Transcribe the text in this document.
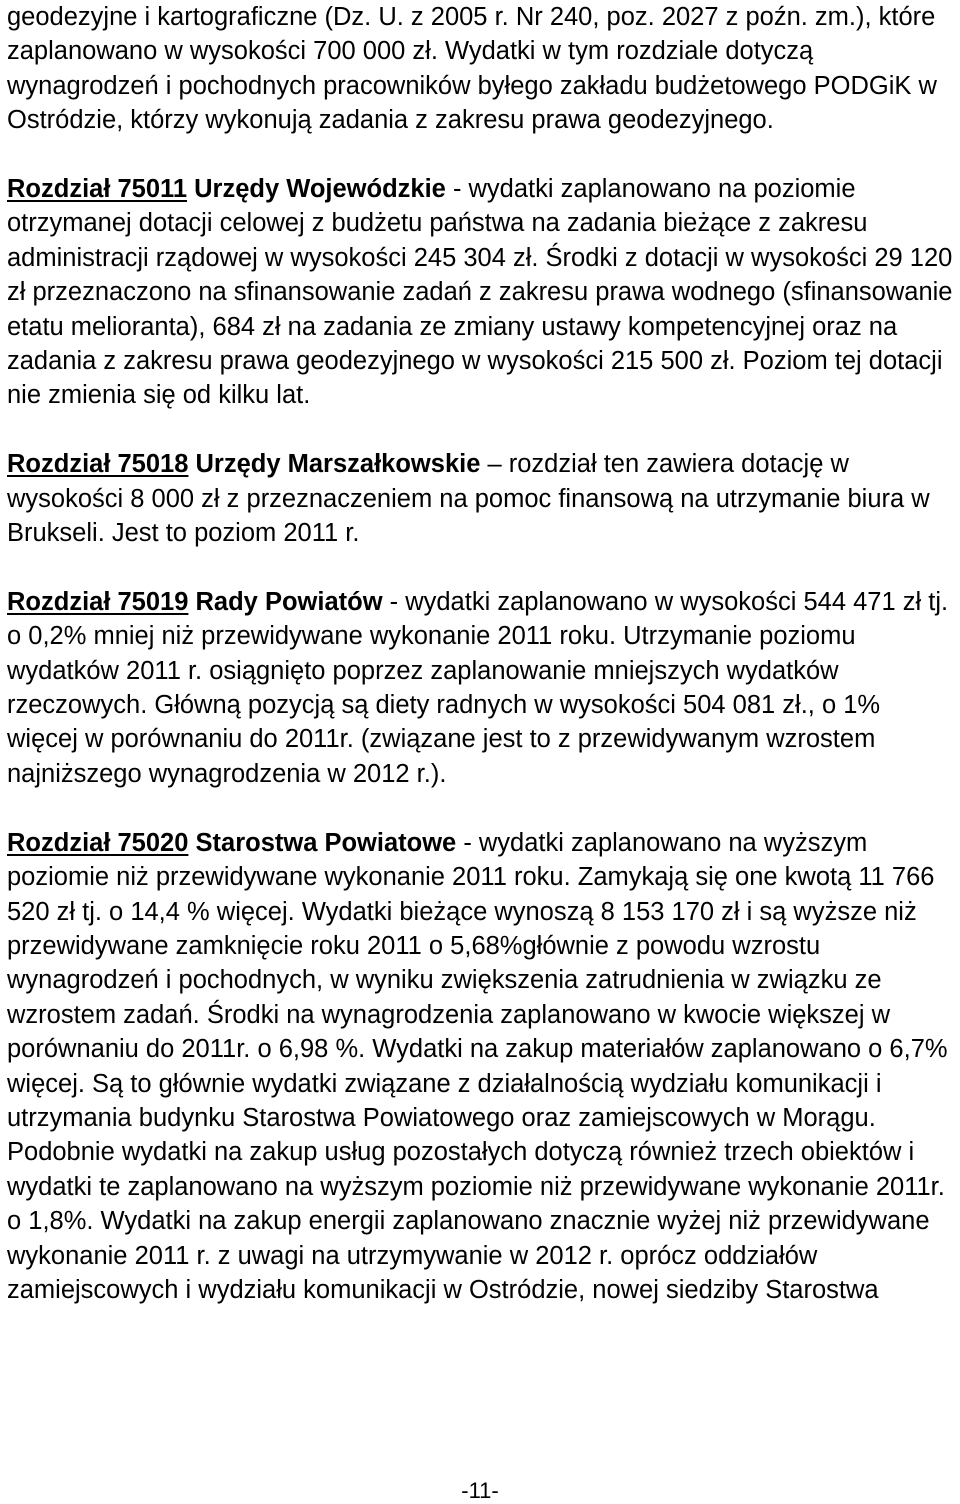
geodezyjne i kartograficzne (Dz. U. z 2005 r. Nr 240, poz. 2027 z poźn. zm.), które zaplanowano w wysokości 700 000 zł. Wydatki w tym rozdziale dotyczą wynagrodzeń i pochodnych pracowników byłego zakładu budżetowego PODGiK w Ostródzie, którzy wykonują zadania z zakresu prawa geodezyjnego.

Rozdział 75011 Urzędy Wojewódzkie - wydatki zaplanowano na poziomie otrzymanej dotacji celowej z budżetu państwa na zadania bieżące z zakresu administracji rządowej w wysokości 245 304 zł. Środki z dotacji w wysokości 29 120 zł przeznaczono na sfinansowanie zadań z zakresu prawa wodnego (sfinansowanie etatu melioranta), 684 zł na zadania ze zmiany ustawy kompetencyjnej oraz na zadania z zakresu prawa geodezyjnego w wysokości 215 500 zł. Poziom tej dotacji nie zmienia się od kilku lat.

Rozdział 75018 Urzędy Marszałkowskie – rozdział ten zawiera dotację w wysokości 8 000 zł z przeznaczeniem na pomoc finansową na utrzymanie biura w Brukseli. Jest to poziom 2011 r.

Rozdział 75019 Rady Powiatów - wydatki zaplanowano w wysokości 544 471 zł tj. o 0,2% mniej niż przewidywane wykonanie 2011 roku. Utrzymanie poziomu wydatków 2011 r. osiągnięto poprzez zaplanowanie mniejszych wydatków rzeczowych. Główną pozycją są diety radnych w wysokości 504 081 zł., o 1% więcej w porównaniu do 2011r. (związane jest to z przewidywanym wzrostem najniższego wynagrodzenia w 2012 r.).

Rozdział 75020 Starostwa Powiatowe - wydatki zaplanowano na wyższym poziomie niż przewidywane wykonanie 2011 roku. Zamykają się one kwotą 11 766 520 zł tj. o 14,4 % więcej. Wydatki bieżące wynoszą 8 153 170 zł i są wyższe niż przewidywane zamknięcie roku 2011 o 5,68%głównie z powodu wzrostu wynagrodzeń i pochodnych, w wyniku zwiększenia zatrudnienia w związku ze wzrostem zadań. Środki na wynagrodzenia zaplanowano w kwocie większej w porównaniu do 2011r. o 6,98 %. Wydatki na zakup materiałów zaplanowano o 6,7% więcej. Są to głównie wydatki związane z działalnością wydziału komunikacji i utrzymania budynku Starostwa Powiatowego oraz zamiejscowych w Morągu. Podobnie wydatki na zakup usług pozostałych dotyczą również trzech obiektów i wydatki te zaplanowano na wyższym poziomie niż przewidywane wykonanie 2011r. o 1,8%. Wydatki na zakup energii zaplanowano znacznie wyżej niż przewidywane wykonanie 2011 r. z uwagi na utrzymywanie w 2012 r. oprócz oddziałów zamiejscowych i wydziału komunikacji w Ostródzie, nowej siedziby Starostwa

-11-
